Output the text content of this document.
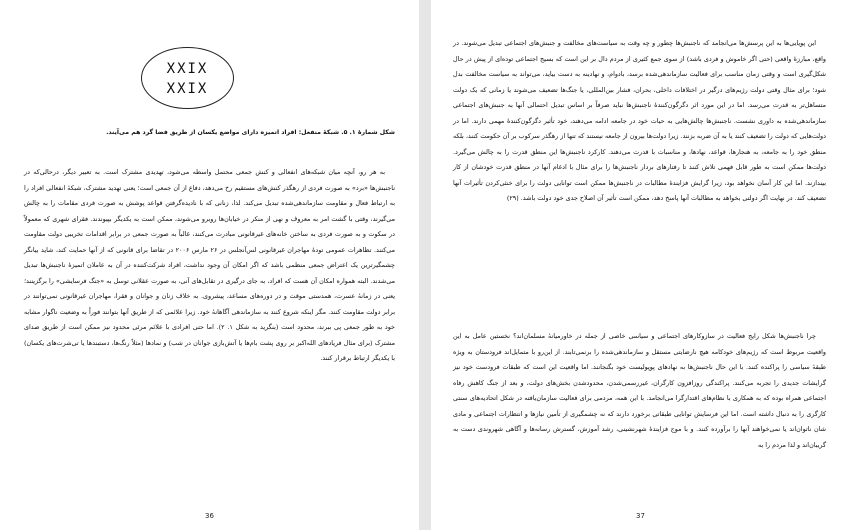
XXIX
XXIX

شکل شمارۀ ۱. ۵. شبکۀ منفعل: افراد اتمیزه دارای مواضع یکسان از طریق فضا گرد هم می‌آیند.

به هر رو، آنچه میان شبکه‌های انفعالی و کنش جمعی محتمل واسطه می‌شود، تهدیدی مشترک است. به تعبیر دیگر، درحالی‌که در ناجنبش‌ها «برد» به صورت فردی از رهگذر کنش‌های مستقیم رخ می‌دهد، دفاع از آن جمعی است؛ یعنی تهدید مشترک، شبکۀ انفعالی افراد را به ارتباط فعال و مقاومت سازماندهی‌شده تبدیل می‌کند. لذا، زنانی که با نادیده‌گرفتن قواعد پوشش به صورت فردی مقامات را به چالش می‌گیرند، وقتی با گشت امر به معروف و نهی از منکر در خیابان‌ها روبرو می‌شوند، ممکن است به یکدیگر بپیوندند. فقرای شهری که معمولاً در سکوت و به صورت فردی به ساختن خانه‌های غیرقانونی مبادرت می‌کنند، غالباً به صورت جمعی در برابر اقدامات تخریبی دولت مقاومت می‌کنند. تظاهرات عمومی تودۀ مهاجران غیرقانونی لس‌آنجلس در ۲۶ مارس ۲۰۰۶ در تقاضا برای قانونی که از آنها حمایت کند، شاید بیانگر چشمگیرترین یک اعتراض جمعی منظمی باشد که اگر امکان آن وجود نداشت، افراد شرکت‌کننده در آن به عاملان اتمیزۀ ناجنبش‌ها تبدیل می‌شدند. البته همواره امکان آن هست که افراد، به جای درگیری در تقابل‌های آنی، به صورت عقلانی توسل به «جنگ فرسایشی» را برگزینند؛ یعنی در زمانۀ عسرت، همدستی موقت و در دوره‌های مساعد، پیشروی. به خلاف زنان و جوانان و فقرا، مهاجران غیرقانونی نمی‌توانند در برابر دولت مقاومت کنند. مگر اینکه شروع کنند به سازماندهی آگاهانۀ خود. زیرا علائمی که از طریق آنها بتوانند فوراً به وضعیت ناگوار مشابه خود به طور جمعی پی ببرند، محدود است (بنگرید به شکل ۱. ۲). اما حتی افرادی با علائم مرئی محدود نیز ممکن است از طریق صدای مشترک (برای مثال فریادهای الله‌اکبر بر روی پشت بام‌ها یا آتش‌بازی جوانان در شب) و نمادها (مثلاً رنگ‌ها، دستبندها یا تی‌شرت‌های یکسان) با یکدیگر ارتباط برقرار کنند.

36

این پویایی‌ها به این پرسش‌ها می‌انجامد که ناجنبش‌ها چطور و چه وقت به سیاست‌های مخالفت و جنبش‌های اجتماعی تبدیل می‌شوند. در واقع، مبارزۀ واقعی (حتی اگر خاموش و فردی باشد) از سوی جمع کثیری از مردم دال بر این است که بسیج اجتماعی توده‌ای از پیش در حال شکل‌گیری است و وقتی زمان مناسب برای فعالیت سازماندهی‌شده برسد، بادوام، و نهادینه به دست بیاید، می‌تواند به سیاست مخالفت بدل شود؛ برای مثال وقتی دولت رژیم‌های درگیر در اختلافات داخلی، بحران، فشار بین‌المللی، یا جنگ‌ها تضعیف می‌شوند یا زمانی که یک دولت متساهل‌تر به قدرت می‌رسد. اما در این مورد اثر دگرگون‌کنندۀ ناجنبش‌ها نباید صرفاً بر اساس تبدیل احتمالی آنها به جنبش‌های اجتماعی سازماندهی‌شده به داوری نشست. ناجنبش‌ها چالش‌هایی به حیات خود در جامعه ادامه می‌دهند، خود تأثیر دگرگون‌کنندۀ مهمی دارند. اما در دولت‌هایی که دولت را تضعیف کنند یا به آن ضربه بزنند. زیرا دولت‌ها بیرون از جامعه نیستند که تنها از رهگذر سرکوب بر آن حکومت کنند، بلکه منطق خود را به جامعه، به هنجارها، قواعد، نهادها، و مناسبات با قدرت می‌دهند. کارکرد ناجنبش‌ها این منطق قدرت را به چالش می‌گیرد. دولت‌ها ممکن است به طور قابل فهمی تلاش کنند تا رفتارهای بردار ناجنبش‌ها را برای مثال با ادغام آنها در منطق قدرت خودشان از کار بیندازند. اما این کار آسان نخواهد بود، زیرا گرایش فزایندۀ مطالبات در ناجنبش‌ها ممکن است توانایی دولت را برای خنثی‌کردن تأثیرات آنها تضعیف کند. در نهایت اگر دولتی بخواهد به مطالبات آنها پاسخ دهد، ممکن است تأثیر آن اصلاح جدی خود دولت باشد. (۲۹)

چرا ناجنبش‌ها شکل رایج فعالیت در سازوکارهای اجتماعی و سیاسی خاصی از جمله در خاورمیانۀ مسلمان‌اند؟ نخستین عامل به این واقعیت مربوط است که رژیم‌های خودکامه هیچ نارضایتی مستقل و سازماندهی‌شده را برنمی‌تابند. از این‌رو با متمایل‌اند فرودستان به ویژه طبقۀ سیاسی را پراکنده کنند. با این حال ناجنبش‌ها به نهادهای پوپولیست خود بگنجانند. اما واقعیت این است که طبقات فرودست خود نیز گرایشات جدیدی را تجربه می‌کنند. پراکندگی روزافزون کارگران، غیررسمی‌شدن، محدودشدن بخش‌های دولت، و بعد از جنگ کاهش رفاه اجتماعی همراه بوده که به همکاری با نظام‌های اقتدارگرا می‌انجامد. با این همه، مردمی برای فعالیت سازمان‌یافته در شکل اتحادیه‌های سنتی کارگری را به دنبال داشته است. اما این فرسایش توانایی طبقاتی برخورد دارند که نه چشمگیری از تأمین نیازها و انتظارات اجتماعی و مادی شان ناتوان‌اند یا نمی‌خواهند آنها را برآورده کنند. و با موج فزایندۀ شهرنشینی، رشد آموزش، گسترش رسانه‌ها و آگاهی شهروندی دست به گریبان‌اند و لذا مردم را به

37
